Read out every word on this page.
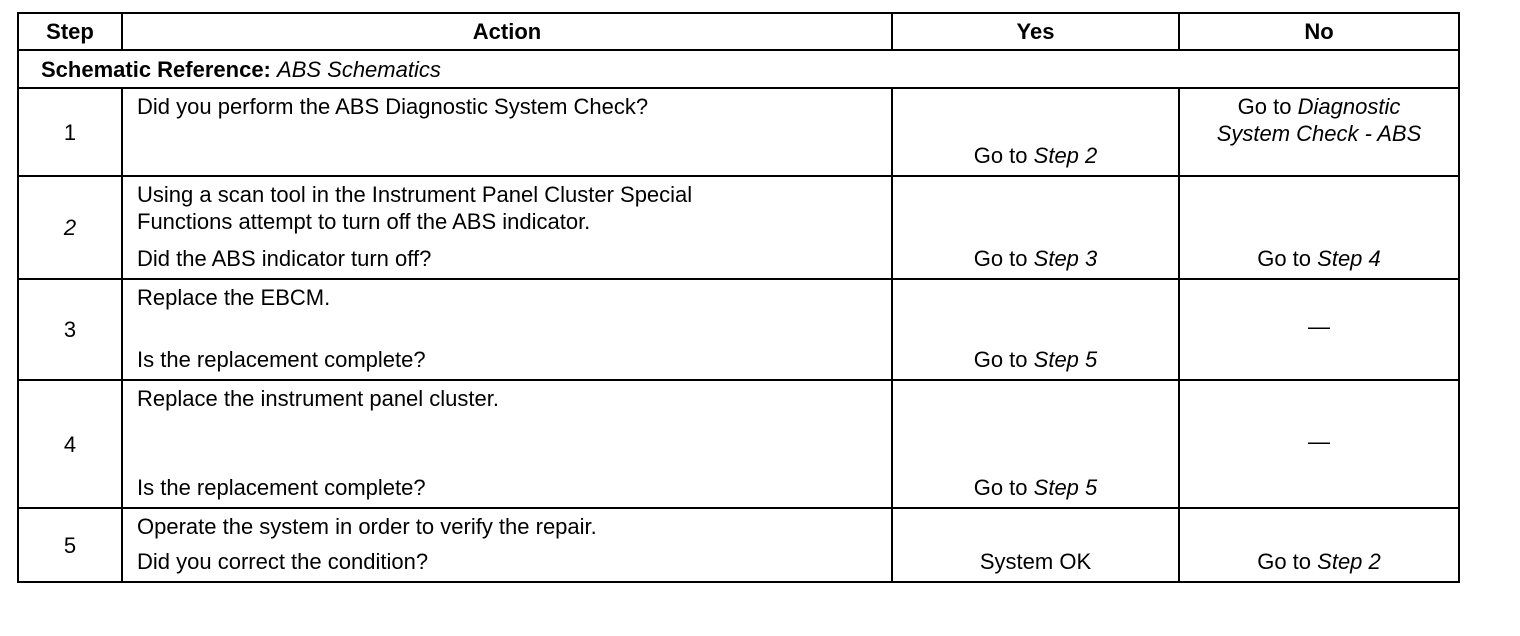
Step	Action	Yes	No
Schematic Reference: ABS Schematics			
1	Did you perform the ABS Diagnostic System Check?	Go to Step 2	Go to Diagnostic
System Check - ABS
2	Using a scan tool in the Instrument Panel Cluster Special Functions attempt to turn off the ABS indicator.
Did the ABS indicator turn off?	Go to Step 3	Go to Step 4
3	Replace the EBCM.
Is the replacement complete?	Go to Step 5	—
4	Replace the instrument panel cluster.
Is the replacement complete?	Go to Step 5	—
5	Operate the system in order to verify the repair.
Did you correct the condition?	System OK	Go to Step 2
